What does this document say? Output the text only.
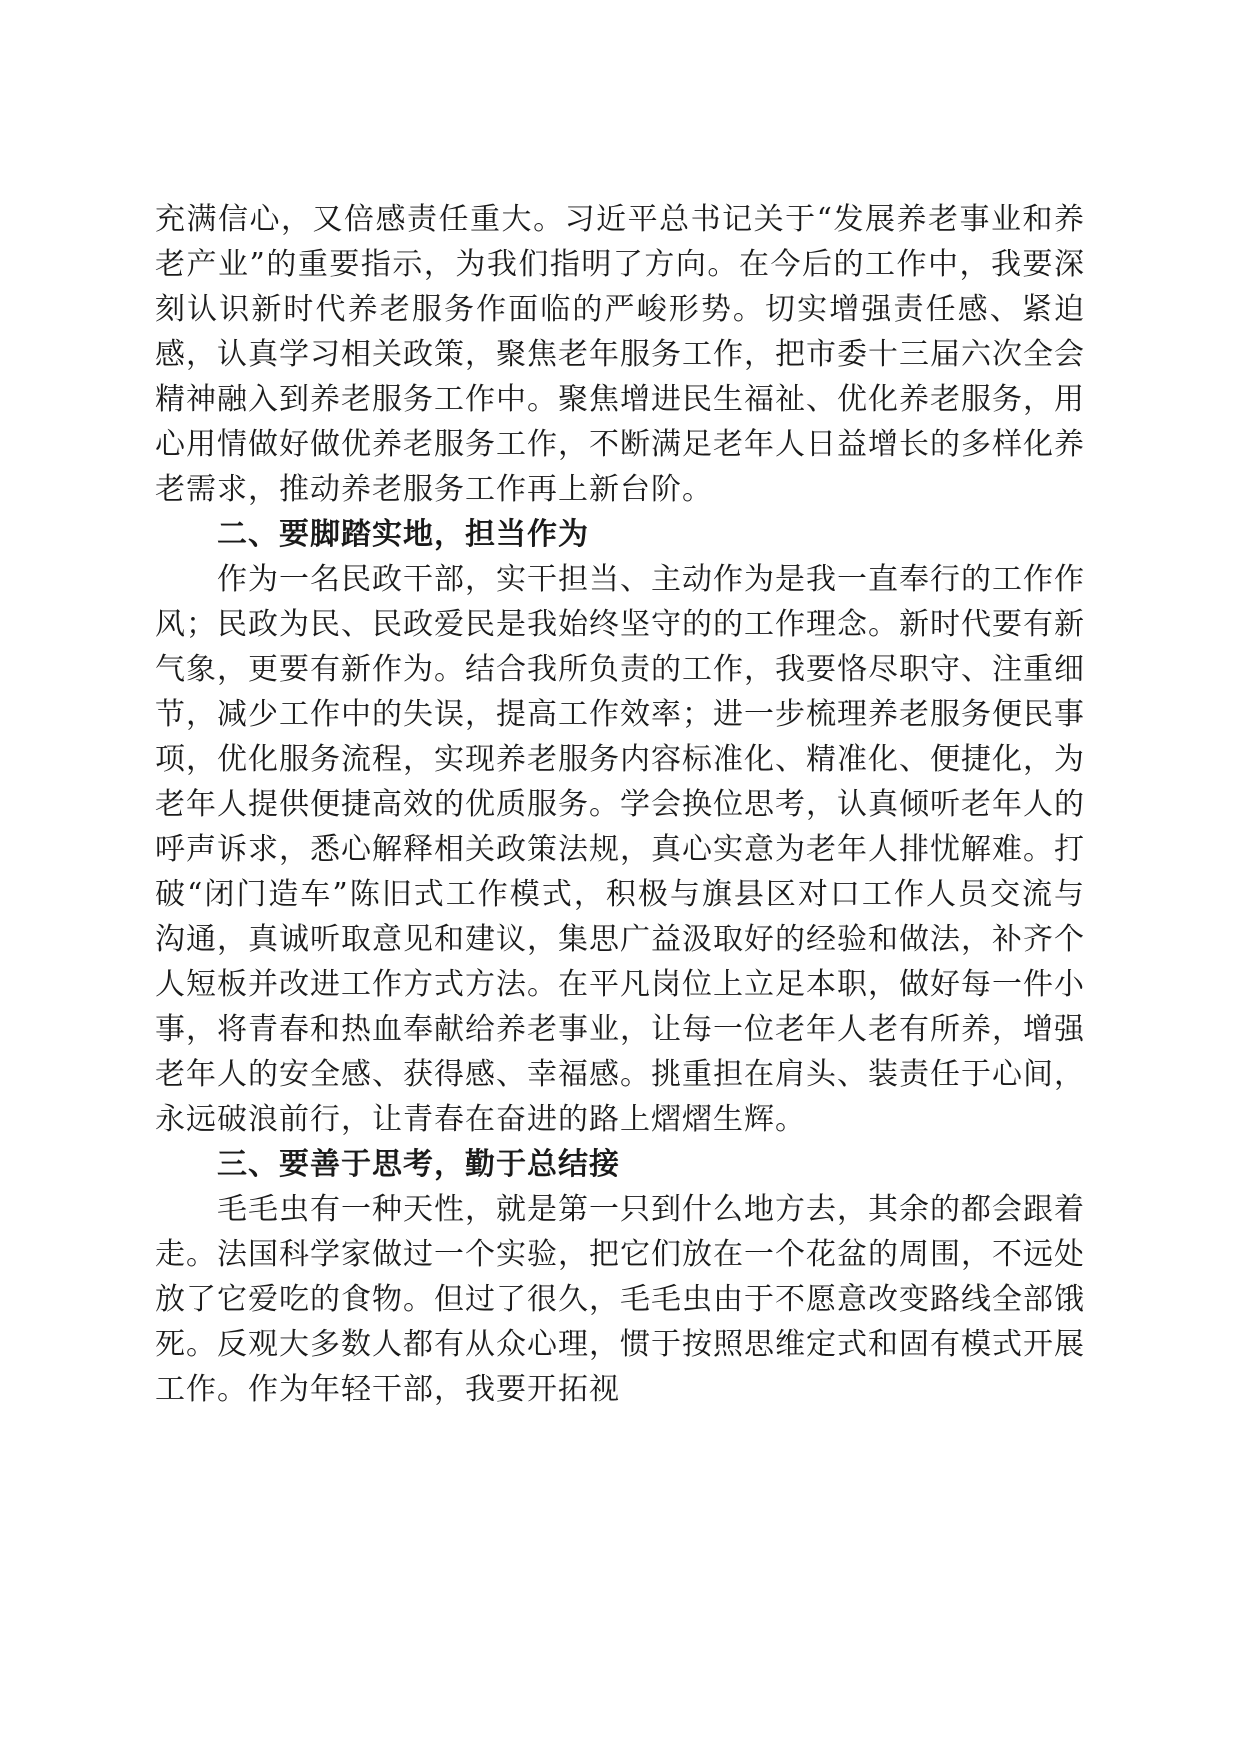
充满信心，又倍感责任重大。习近平总书记关于“发展养老事业和养老产业”的重要指示，为我们指明了方向。在今后的工作中，我要深刻认识新时代养老服务作面临的严峻形势。切实增强责任感、紧迫感，认真学习相关政策，聚焦老年服务工作，把市委十三届六次全会精神融入到养老服务工作中。聚焦增进民生福祉、优化养老服务，用心用情做好做优养老服务工作，不断满足老年人日益增长的多样化养老需求，推动养老服务工作再上新台阶。

二、要脚踏实地，担当作为

作为一名民政干部，实干担当、主动作为是我一直奉行的工作作风；民政为民、民政爱民是我始终坚守的的工作理念。新时代要有新气象，更要有新作为。结合我所负责的工作，我要恪尽职守、注重细节，减少工作中的失误，提高工作效率；进一步梳理养老服务便民事项，优化服务流程，实现养老服务内容标准化、精准化、便捷化，为老年人提供便捷高效的优质服务。学会换位思考，认真倾听老年人的呼声诉求，悉心解释相关政策法规，真心实意为老年人排忧解难。打破“闭门造车”陈旧式工作模式，积极与旗县区对口工作人员交流与沟通，真诚听取意见和建议，集思广益汲取好的经验和做法，补齐个人短板并改进工作方式方法。在平凡岗位上立足本职，做好每一件小事，将青春和热血奉献给养老事业，让每一位老年人老有所养，增强老年人的安全感、获得感、幸福感。挑重担在肩头、装责任于心间，永远破浪前行，让青春在奋进的路上熠熠生辉。

三、要善于思考，勤于总结接

毛毛虫有一种天性，就是第一只到什么地方去，其余的都会跟着走。法国科学家做过一个实验，把它们放在一个花盆的周围，不远处放了它爱吃的食物。但过了很久，毛毛虫由于不愿意改变路线全部饿死。反观大多数人都有从众心理，惯于按照思维定式和固有模式开展工作。作为年轻干部，我要开拓视
